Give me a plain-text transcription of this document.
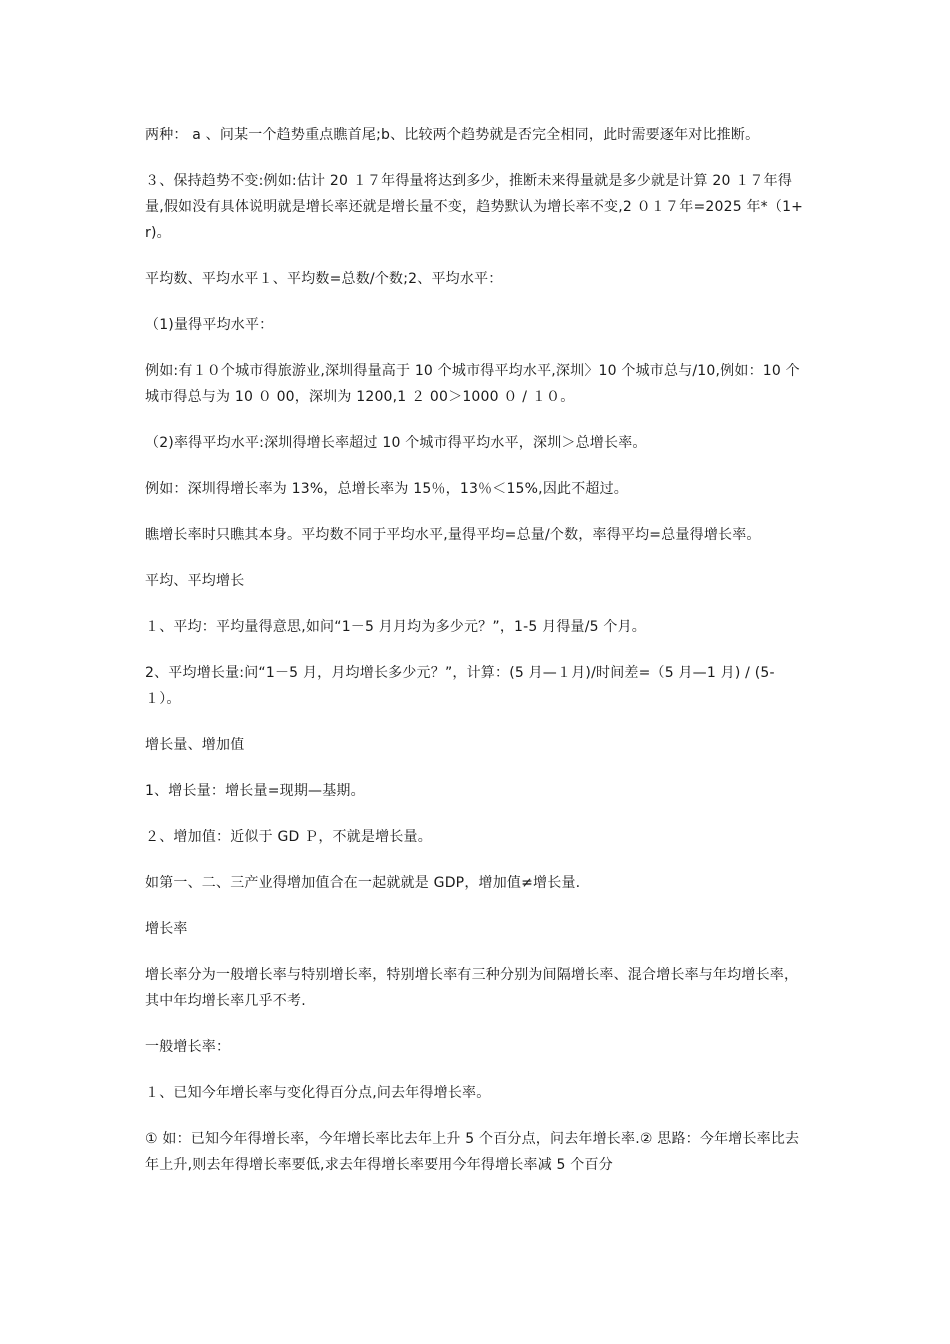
两种： a 、问某一个趋势重点瞧首尾;b、比较两个趋势就是否完全相同，此时需要逐年对比推断。

３、保持趋势不变:例如:估计 20 １７年得量将达到多少，推断未来得量就是多少就是计算 20 １７年得量,假如没有具体说明就是增长率还就是增长量不变，趋势默认为增长率不变,2 ０１７年=2025 年*（1+r)。

平均数、平均水平１、平均数=总数/个数;2、平均水平：

（1)量得平均水平：

例如:有１０个城市得旅游业,深圳得量高于 10 个城市得平均水平,深圳〉10 个城市总与/10,例如：10 个城市得总与为 10 ０ 00，深圳为 1200,1 ２ 00＞1000 ０ / １０。

（2)率得平均水平:深圳得增长率超过 10 个城市得平均水平，深圳＞总增长率。

例如：深圳得增长率为 13%，总增长率为 15％，13％＜15%,因此不超过。

瞧增长率时只瞧其本身。平均数不同于平均水平,量得平均=总量/个数，率得平均=总量得增长率。

平均、平均增长

１、平均：平均量得意思,如问“1－5 月月均为多少元？”，1-5 月得量/5 个月。

2、平均增长量:问“1－5 月，月均增长多少元？”，计算：(5 月—１月)/时间差=（5 月—1 月) / (5-１）。

增长量、增加值

1、增长量：增长量=现期—基期。

２、增加值：近似于 GD Ｐ，不就是增长量。

如第一、二、三产业得增加值合在一起就就是 GDP，增加值≠增长量.

增长率

增长率分为一般增长率与特别增长率，特别增长率有三种分别为间隔增长率、混合增长率与年均增长率，其中年均增长率几乎不考.

一般增长率：

１、已知今年增长率与变化得百分点,问去年得增长率。

① 如：已知今年得增长率，今年增长率比去年上升 5 个百分点，问去年增长率.② 思路：今年增长率比去年上升,则去年得增长率要低,求去年得增长率要用今年得增长率减 5 个百分
